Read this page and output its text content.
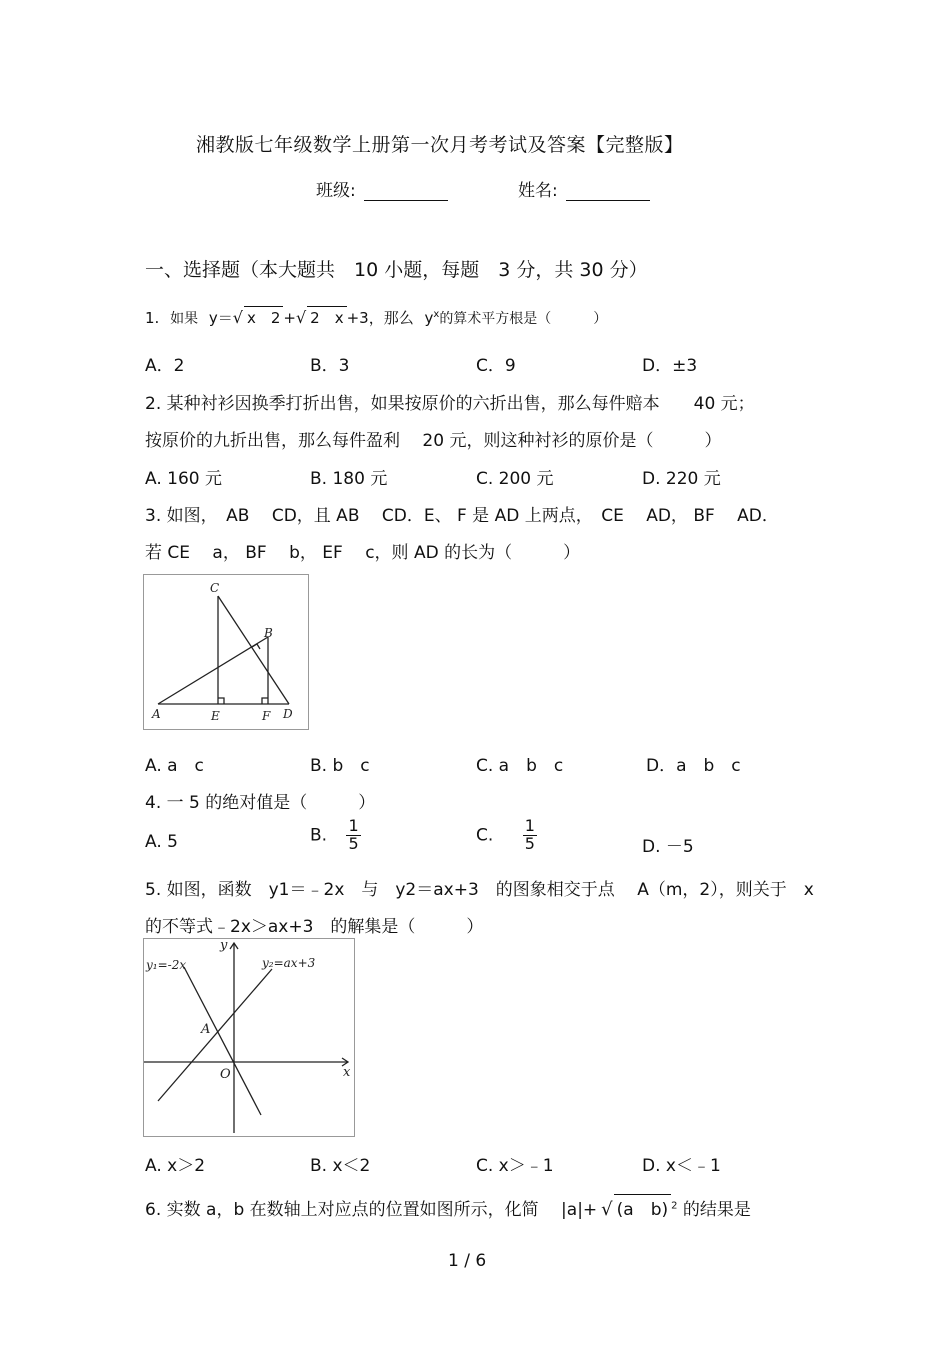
湘教版七年级数学上册第一次月考考试及答案【完整版】
班级:	姓名:
一、选择题（本大题共　10 小题，每题　3 分，共 30 分）
1. 如果 y＝√ x　2 +√ 2　x +3，那么 $y^x$的算术平方根是（　　　）
A．2	B．3	C．9	D．±3
2. 某种衬衫因换季打折出售，如果按原价的六折出售，那么每件赔本　　40 元；
按原价的九折出售，那么每件盈利　 20 元，则这种衬衫的原价是（　　　）
A. 160 元	B. 180 元	C. 200 元	D. 220 元
3. 如图，　AB　 CD，且 AB　 CD．E、 F 是 AD 上两点，　CE　 AD， BF　 AD．
若 CE　 a， BF　 b， EF　 c，则 AD 的长为（　　　）
C
B
A	E	F D
A. a　c	B. b　c	C. a　b　c	D．a　b　c
4. 一 5 的绝对值是（　　　）
A. 5	B. $\frac{1}{5}$	C. $\frac{1}{5}$	D. －5
5. 如图，函数　y1＝﹣2x　与　y2＝ax+3　的图象相交于点　 A（m，2），则关于　x
的不等式﹣2x＞ax+3　的解集是（　　　）
y
x
O
A
y₁=-2x	y₂=ax+3
A. x＞2	B. x＜2	C. x＞﹣1	D. x＜﹣1
6. 实数 a，b 在数轴上对应点的位置如图所示，化简　 |a|+ √ (a　b) $^2$ 的结果是
1 / 6
